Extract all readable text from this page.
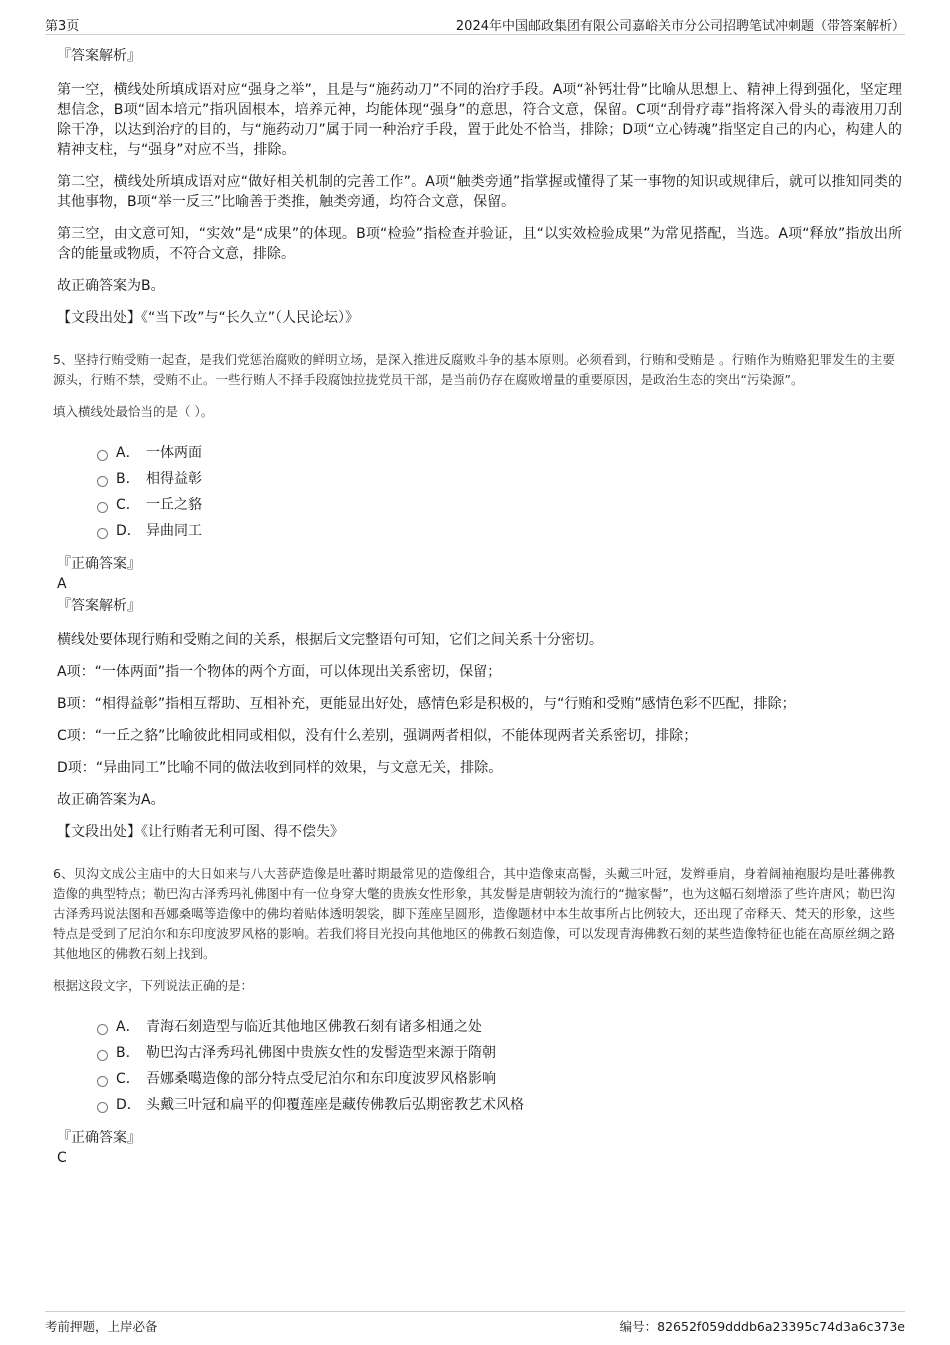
第3页	2024年中国邮政集团有限公司嘉峪关市分公司招聘笔试冲刺题（带答案解析）

『答案解析』

第一空，横线处所填成语对应“强身之举”，且是与“施药动刀”不同的治疗手段。A项“补钙壮骨”比喻从思想上、精神上得到强化，坚定理想信念，B项“固本培元”指巩固根本，培养元神，均能体现“强身”的意思，符合文意，保留。C项“刮骨疗毒”指将深入骨头的毒液用刀刮除干净，以达到治疗的目的，与“施药动刀”属于同一种治疗手段，置于此处不恰当，排除；D项“立心铸魂”指坚定自己的内心，构建人的精神支柱，与“强身”对应不当，排除。

第二空，横线处所填成语对应“做好相关机制的完善工作”。A项“触类旁通”指掌握或懂得了某一事物的知识或规律后，就可以推知同类的其他事物，B项“举一反三”比喻善于类推，触类旁通，均符合文意，保留。

第三空，由文意可知，“实效”是“成果”的体现。B项“检验”指检查并验证，且“以实效检验成果”为常见搭配，当选。A项“释放”指放出所含的能量或物质，不符合文意，排除。

故正确答案为B。

【文段出处】《“当下改”与“长久立”（人民论坛）》

5、坚持行贿受贿一起查，是我们党惩治腐败的鲜明立场，是深入推进反腐败斗争的基本原则。必须看到，行贿和受贿是 。行贿作为贿赂犯罪发生的主要源头，行贿不禁，受贿不止。一些行贿人不择手段腐蚀拉拢党员干部，是当前仍存在腐败增量的重要原因，是政治生态的突出“污染源”。

填入横线处最恰当的是（ ）。

A． 一体两面
B． 相得益彰
C． 一丘之貉
D． 异曲同工

『正确答案』

A

『答案解析』

横线处要体现行贿和受贿之间的关系，根据后文完整语句可知，它们之间关系十分密切。

A项：“一体两面”指一个物体的两个方面，可以体现出关系密切，保留；

B项：“相得益彰”指相互帮助、互相补充，更能显出好处，感情色彩是积极的，与“行贿和受贿”感情色彩不匹配，排除；

C项：“一丘之貉”比喻彼此相同或相似，没有什么差别，强调两者相似，不能体现两者关系密切，排除；

D项：“异曲同工”比喻不同的做法收到同样的效果，与文意无关，排除。

故正确答案为A。

【文段出处】《让行贿者无利可图、得不偿失》

6、贝沟文成公主庙中的大日如来与八大菩萨造像是吐蕃时期最常见的造像组合，其中造像束高髻，头戴三叶冠，发辫垂肩，身着阔袖袍服均是吐蕃佛教造像的典型特点；勒巴沟古泽秀玛礼佛图中有一位身穿大氅的贵族女性形象，其发髻是唐朝较为流行的“抛家髻”，也为这幅石刻增添了些许唐风；勒巴沟古泽秀玛说法图和吾娜桑噶等造像中的佛均着贴体透明袈裟，脚下莲座呈圆形，造像题材中本生故事所占比例较大，还出现了帝释天、梵天的形象，这些特点是受到了尼泊尔和东印度波罗风格的影响。若我们将目光投向其他地区的佛教石刻造像，可以发现青海佛教石刻的某些造像特征也能在高原丝绸之路其他地区的佛教石刻上找到。

根据这段文字，下列说法正确的是：

A． 青海石刻造型与临近其他地区佛教石刻有诸多相通之处
B． 勒巴沟古泽秀玛礼佛图中贵族女性的发髻造型来源于隋朝
C． 吾娜桑噶造像的部分特点受尼泊尔和东印度波罗风格影响
D． 头戴三叶冠和扁平的仰覆莲座是藏传佛教后弘期密教艺术风格

『正确答案』

C

考前押题，上岸必备	编号：82652f059dddb6a23395c74d3a6c373e
